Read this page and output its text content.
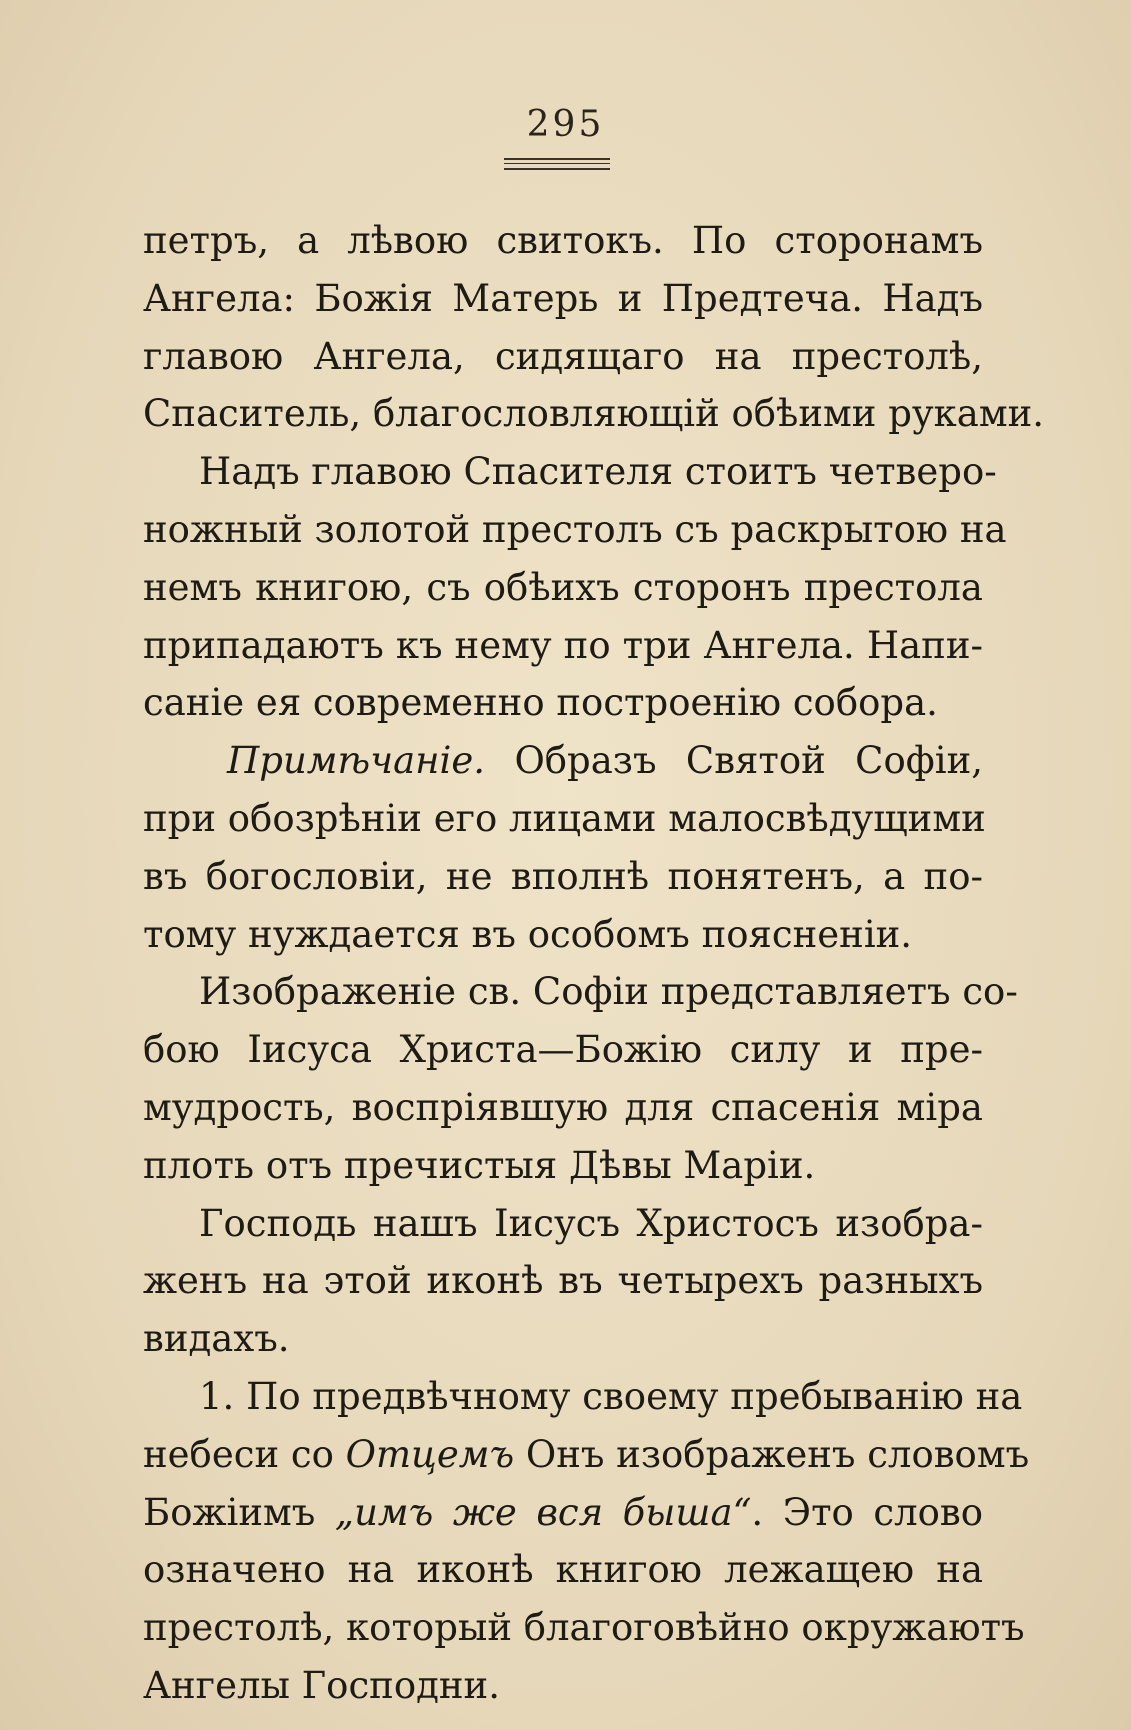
295
петръ, а лѣвою свитокъ. По сторонамъ
Ангела: Божія Матерь и Предтеча. Надъ
главою Ангела, сидящаго на престолѣ,
Спаситель, благословляющій обѣими руками.
Надъ главою Спасителя стоитъ четверо-
ножный золотой престолъ съ раскрытою на
немъ книгою, съ обѣихъ сторонъ престола
припадаютъ къ нему по три Ангела. Напи-
саніе ея современно построенію собора.
Примѣчаніе. Образъ Святой Софіи,
при обозрѣніи его лицами малосвѣдущими
въ богословіи, не вполнѣ понятенъ, а по-
тому нуждается въ особомъ поясненіи.
Изображеніе св. Софіи представляетъ со-
бою Іисуса Христа—Божію силу и пре-
мудрость, воспріявшую для спасенія міра
плоть отъ пречистыя Дѣвы Маріи.
Господь нашъ Іисусъ Христосъ изобра-
женъ на этой иконѣ въ четырехъ разныхъ
видахъ.
1. По предвѣчному своему пребыванію на
небеси со Отцемъ Онъ изображенъ словомъ
Божіимъ „имъ же вся быша“. Это слово
означено на иконѣ книгою лежащею на
престолѣ, который благоговѣйно окружаютъ
Ангелы Господни.
